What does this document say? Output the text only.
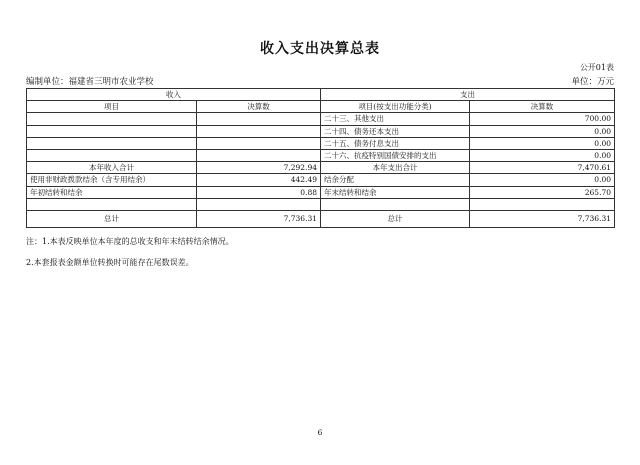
收入支出决算总表
公开01表
编制单位：福建省三明市农业学校	单位：万元
收入		支出	
项目	决算数	项目(按支出功能分类)	决算数
		二十三、其他支出	700.00
		二十四、债务还本支出	0.00
		二十五、债务付息支出	0.00
		二十六、抗疫特别国债安排的支出	0.00
本年收入合计	7,292.94	本年支出合计	7,470.61
使用非财政拨款结余（含专用结余）	442.49	结余分配	0.00
年初结转和结余	0.88	年末结转和结余	265.70

总计	7,736.31	总计	7,736.31
注：1.本表反映单位本年度的总收支和年末结转结余情况。
2.本套报表金额单位转换时可能存在尾数误差。
6
